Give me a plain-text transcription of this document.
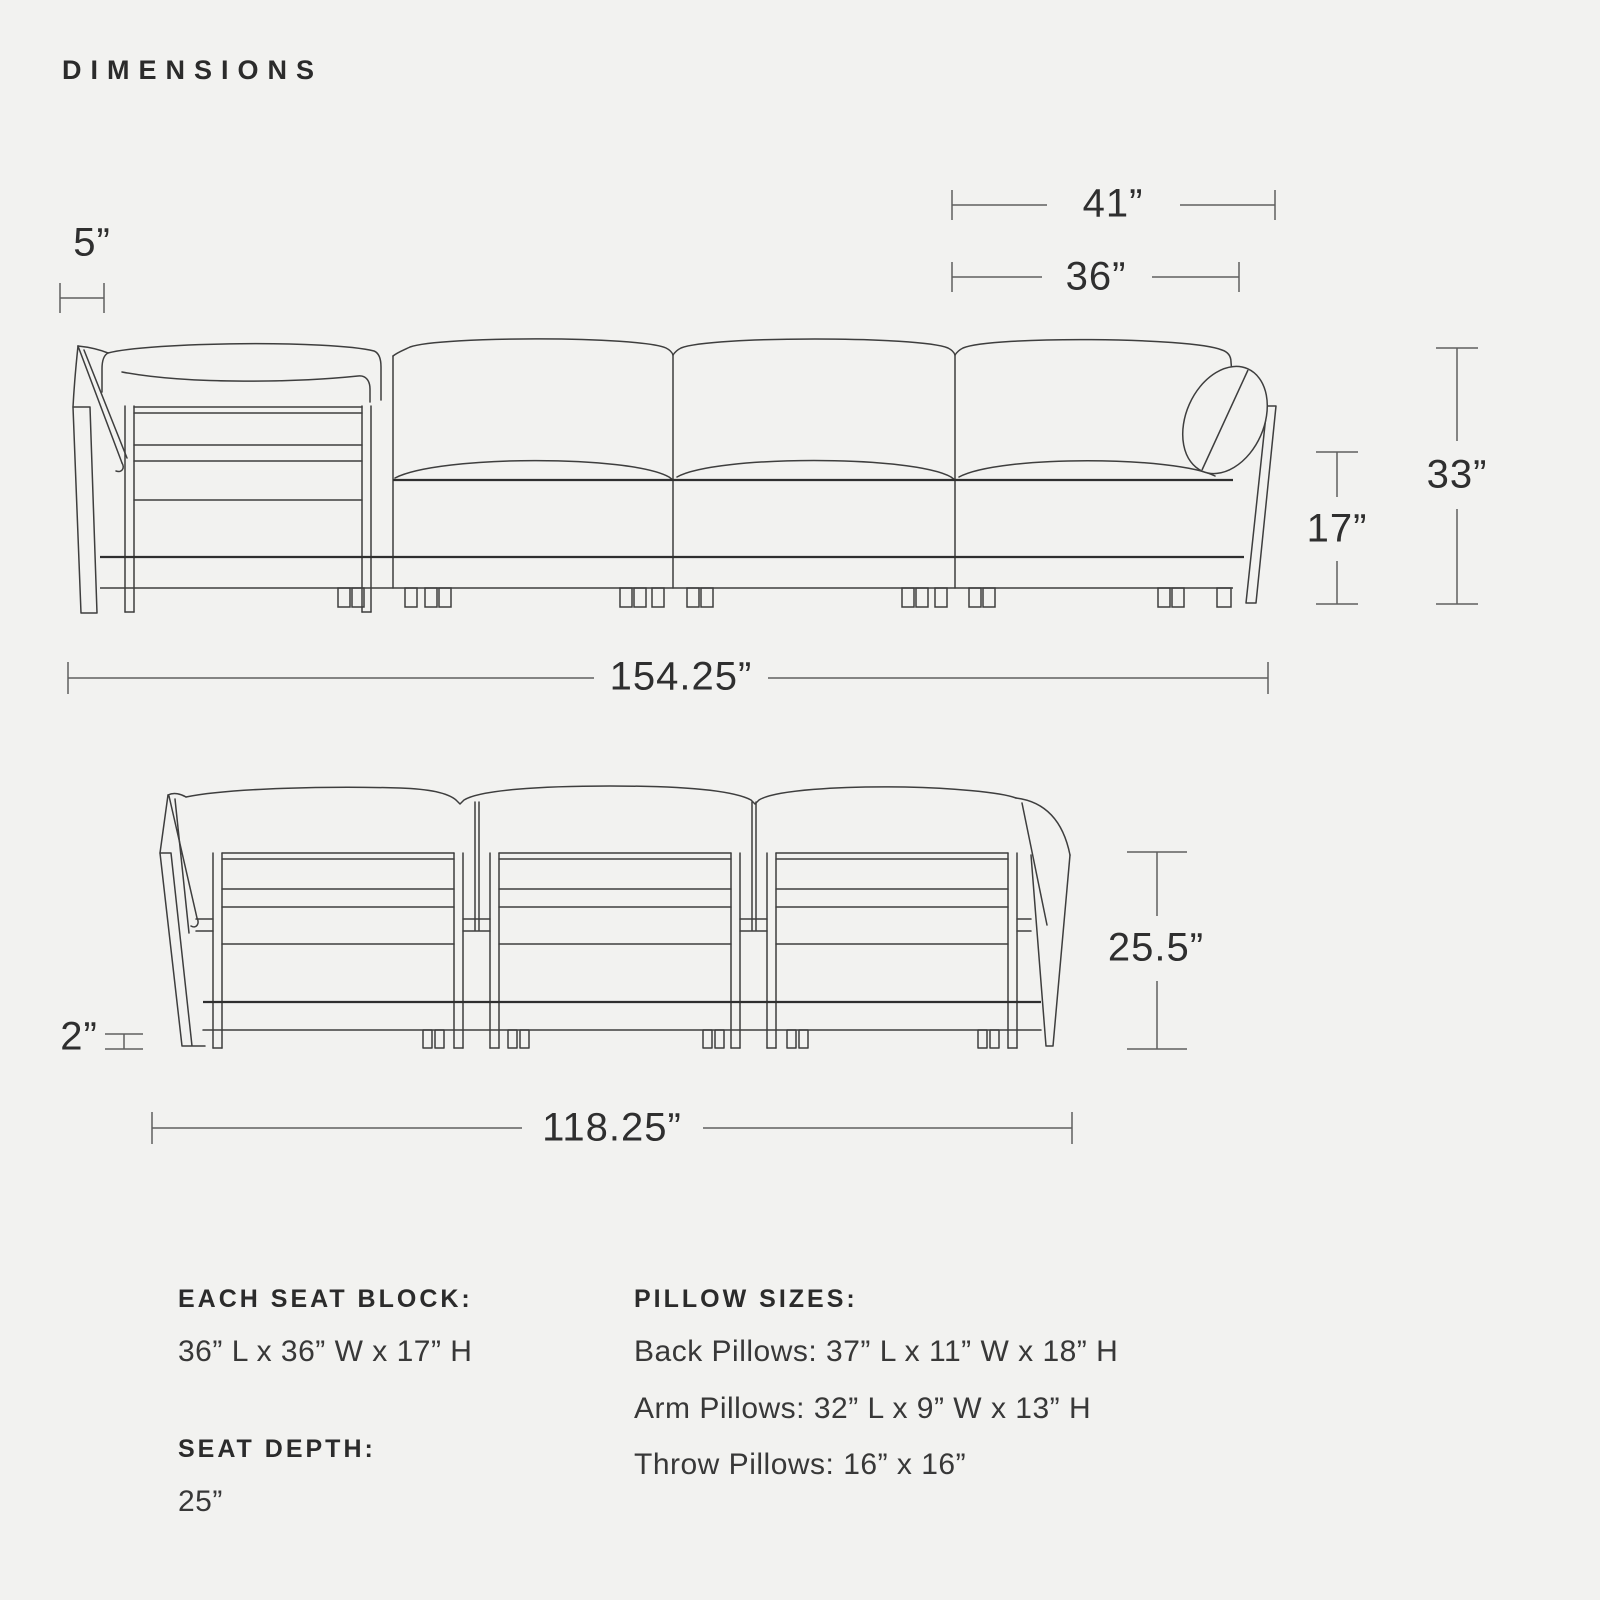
DIMENSIONS
5”
41”
36”
17”
33”
154.25”
25.5”
2”
118.25”
EACH SEAT BLOCK:
36” L x 36” W x 17” H
SEAT DEPTH:
25”
PILLOW SIZES:
Back Pillows: 37” L x 11” W x 18” H
Arm Pillows: 32” L x 9” W x 13” H
Throw Pillows: 16” x 16”
